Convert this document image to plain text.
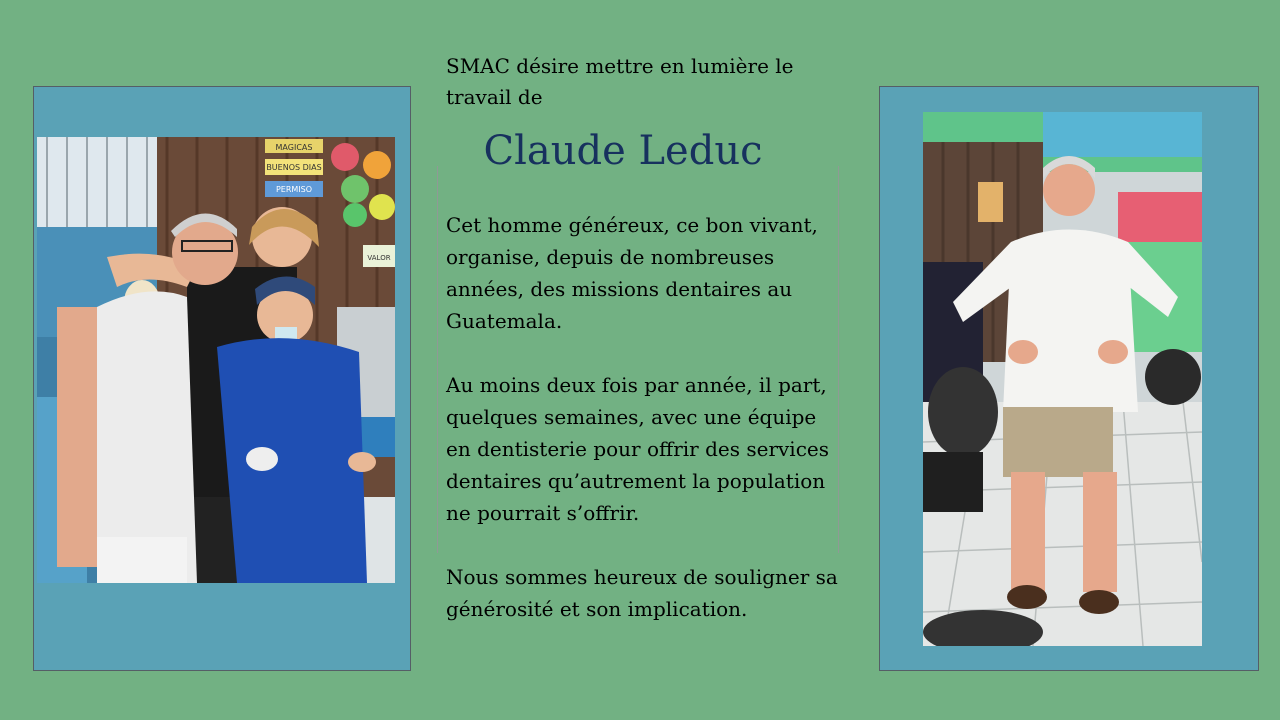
MAGICAS
BUENOS DIAS
PERMISO
VALOR
SMAC désire mettre en lumière le travail de
Claude Leduc
Cet homme généreux, ce bon vivant, organise, depuis de nombreuses années, des missions dentaires au Guatemala.
Au moins deux fois par année, il part, quelques semaines, avec une équipe en dentisterie pour offrir des services dentaires qu’autrement la population ne pourrait s’offrir.
Nous sommes heureux de souligner sa générosité et son implication.
